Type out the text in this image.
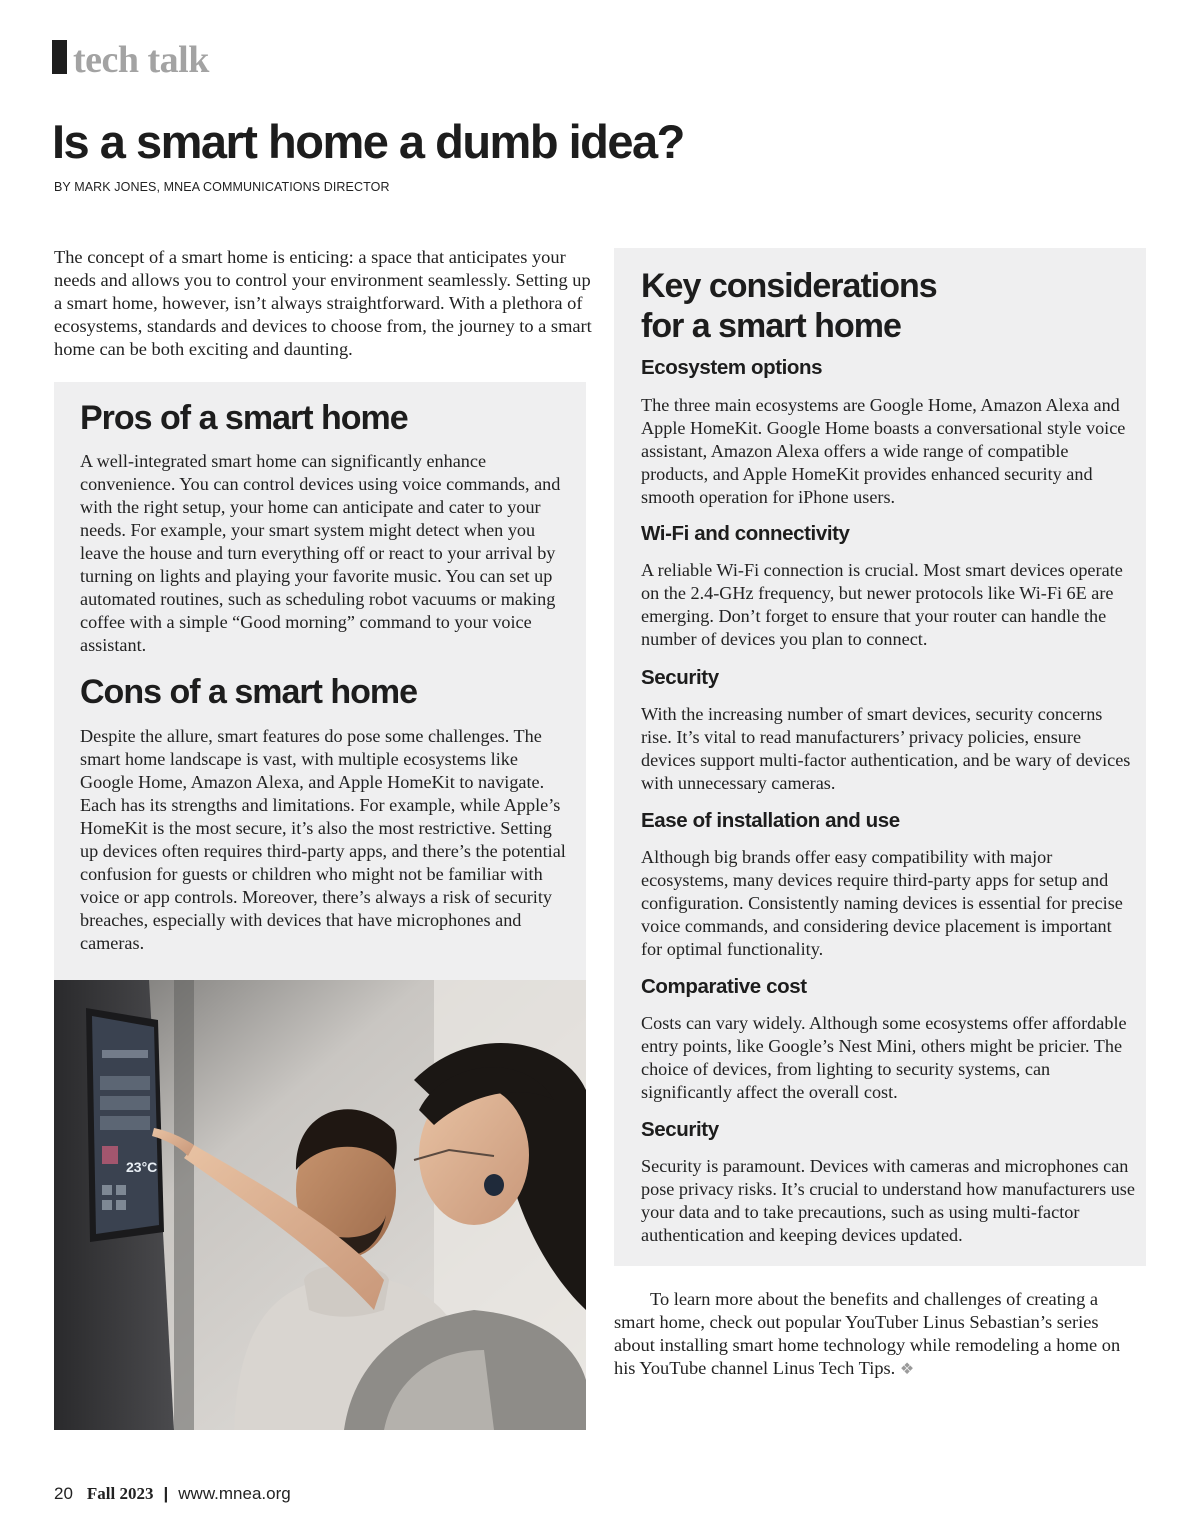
tech talk
Is a smart home a dumb idea?
BY MARK JONES, MNEA COMMUNICATIONS DIRECTOR

The concept of a smart home is enticing: a space that anticipates your needs and allows you to control your environment seamlessly. Setting up a smart home, however, isn’t always straightforward. With a plethora of ecosystems, standards and devices to choose from, the journey to a smart home can be both exciting and daunting.

Pros of a smart home

A well-integrated smart home can significantly enhance convenience. You can control devices using voice commands, and with the right setup, your home can anticipate and cater to your needs. For example, your smart system might detect when you leave the house and turn everything off or react to your arrival by turning on lights and playing your favorite music. You can set up automated routines, such as scheduling robot vacuums or making coffee with a simple “Good morning” command to your voice assistant.

Cons of a smart home

Despite the allure, smart features do pose some challenges. The smart home landscape is vast, with multiple ecosystems like Google Home, Amazon Alexa, and Apple HomeKit to navigate. Each has its strengths and limitations. For example, while Apple’s HomeKit is the most secure, it’s also the most restrictive. Setting up devices often requires third-party apps, and there’s the potential confusion for guests or children who might not be familiar with voice or app controls. Moreover, there’s always a risk of security breaches, especially with devices that have microphones and cameras.

23°C
Key considerations
for a smart home
Ecosystem options

The three main ecosystems are Google Home, Amazon Alexa and Apple HomeKit. Google Home boasts a conversational style voice assistant, Amazon Alexa offers a wide range of compatible products, and Apple HomeKit provides enhanced security and smooth operation for iPhone users.

Wi-Fi and connectivity

A reliable Wi-Fi connection is crucial. Most smart devices operate on the 2.4-GHz frequency, but newer protocols like Wi-Fi 6E are emerging. Don’t forget to ensure that your router can handle the number of devices you plan to connect.

Security

With the increasing number of smart devices, security concerns rise. It’s vital to read manufacturers’ privacy policies, ensure devices support multi-factor authentication, and be wary of devices with unnecessary cameras.

Ease of installation and use

Although big brands offer easy compatibility with major ecosystems, many devices require third-party apps for setup and configuration. Consistently naming devices is essential for precise voice commands, and considering device placement is important for optimal functionality.

Comparative cost

Costs can vary widely. Although some ecosystems offer affordable entry points, like Google’s Nest Mini, others might be pricier. The choice of devices, from lighting to security systems, can significantly affect the overall cost.

Security

Security is paramount. Devices with cameras and microphones can pose privacy risks. It’s crucial to understand how manufacturers use your data and to take precautions, such as using multi-factor authentication and keeping devices updated.

To learn more about the benefits and challenges of creating a smart home, check out popular YouTuber Linus Sebastian’s series about installing smart home technology while remodeling a home on his YouTube channel Linus Tech Tips. ❖

20 Fall 2023 | www.mnea.org
